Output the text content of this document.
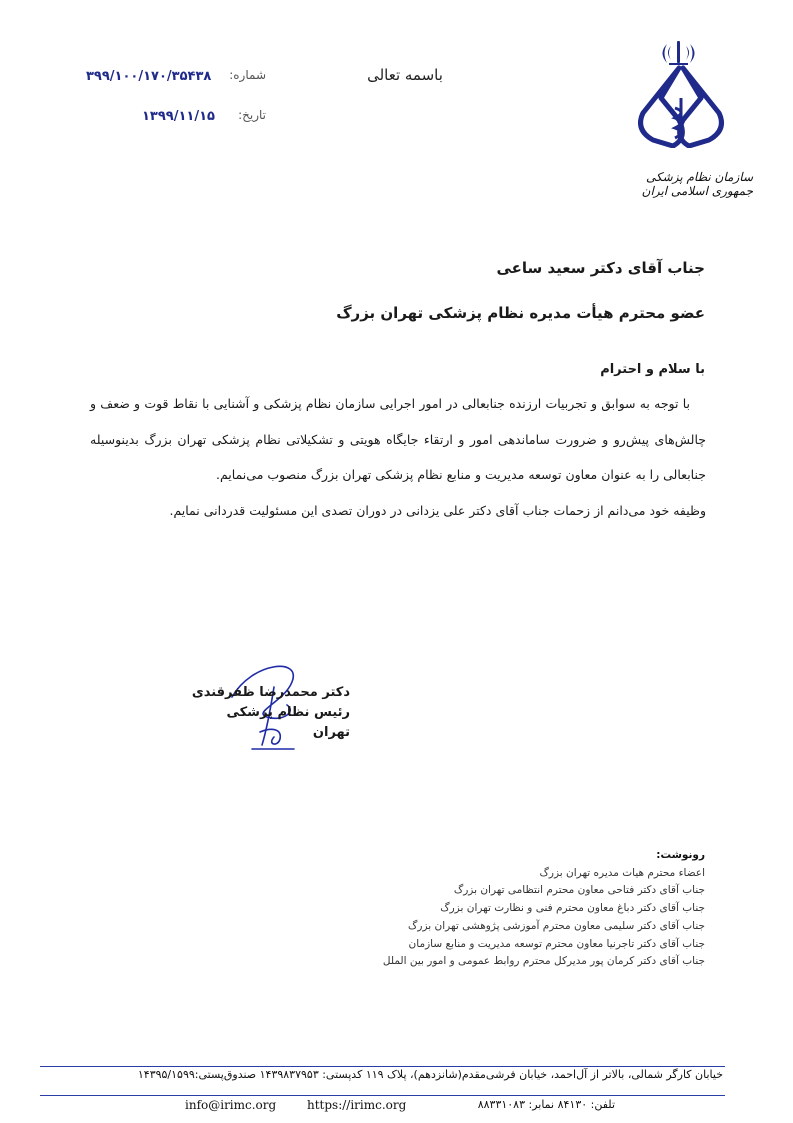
سازمان نظام پزشکی جمهوری اسلامی ایران
باسمه تعالی
شماره:
۳۹۹/۱۰۰/۱۷۰/۳۵۴۳۸
تاریخ:
۱۳۹۹/۱۱/۱۵
جناب آقای دکتر سعید ساعی
عضو محترم هیأت مدیره نظام پزشکی تهران بزرگ
با سلام و احترام

با توجه به سوابق و تجربیات ارزنده جنابعالی در امور اجرایی سازمان نظام پزشکی و آشنایی با نقاط قوت و ضعف و چالش‌های پیش‌رو و ضرورت ساماندهی امور و ارتقاء جایگاه هویتی و تشکیلاتی نظام پزشکی تهران بزرگ بدینوسیله جنابعالی را به عنوان معاون توسعه مدیریت و منابع نظام پزشکی تهران بزرگ منصوب می‌نمایم.

وظیفه خود می‌دانم از زحمات جناب آقای دکتر علی یزدانی در دوران تصدی این مسئولیت قدردانی نمایم.

دکتر محمدرضا ظفرقندی
رئیس نظام پزشکی تهران
رونوشت:
اعضاء محترم هیات مدیره تهران بزرگ
جناب آقای دکتر فتاحی معاون محترم انتظامی تهران بزرگ
جناب آقای دکتر دباغ معاون محترم فنی و نظارت تهران بزرگ
جناب آقای دکتر سلیمی معاون محترم آموزشی پژوهشی تهران بزرگ
جناب آقای دکتر تاجرنیا معاون محترم توسعه مدیریت و منابع سازمان
جناب آقای دکتر کرمان پور مدیرکل محترم روابط عمومی و امور بین الملل
خیابان کارگر شمالی، بالاتر از آل‌احمد، خیابان فرشی‌مقدم(شانزدهم)، پلاک ۱۱۹ کدپستی: ۱۴۳۹۸۳۷۹۵۳ صندوق‌پستی:۱۴۳۹۵/۱۵۹۹
info@irimc.org	https://irimc.org	تلفن: ۸۴۱۳۰ نمابر: ۸۸۳۳۱۰۸۳
